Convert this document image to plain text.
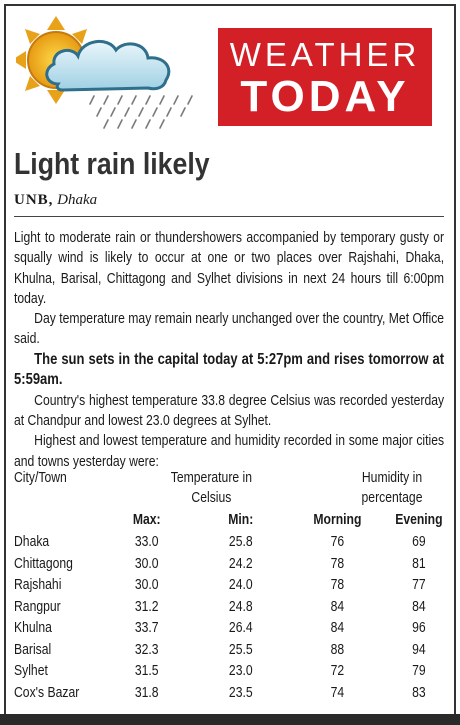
WEATHER
TODAY
Light rain likely
UNB, Dhaka

Light to moderate rain or thundershowers accompanied by temporary gusty or squally wind is likely to occur at one or two places over Rajshahi, Dhaka, Khulna, Barisal, Chittagong and Sylhet divisions in next 24 hours till 6:00pm today.

Day temperature may remain nearly unchanged over the country, Met Office said.

The sun sets in the capital today at 5:27pm and rises tomorrow at 5:59am.

Country's highest temperature 33.8 degree Celsius was recorded yesterday at Chandpur and lowest 23.0 degrees at Sylhet.

Highest and lowest temperature and humidity recorded in some major cities and towns yesterday were:

City/Town	Temperature in
Celsius
Humidity in
percentage
Max:	Min:	Morning	Evening
Dhaka	33.0	25.8	76	69
Chittagong	30.0	24.2	78	81
Rajshahi	30.0	24.0	78	77
Rangpur	31.2	24.8	84	84
Khulna	33.7	26.4	84	96
Barisal	32.3	25.5	88	94
Sylhet	31.5	23.0	72	79
Cox's Bazar	31.8	23.5	74	83
